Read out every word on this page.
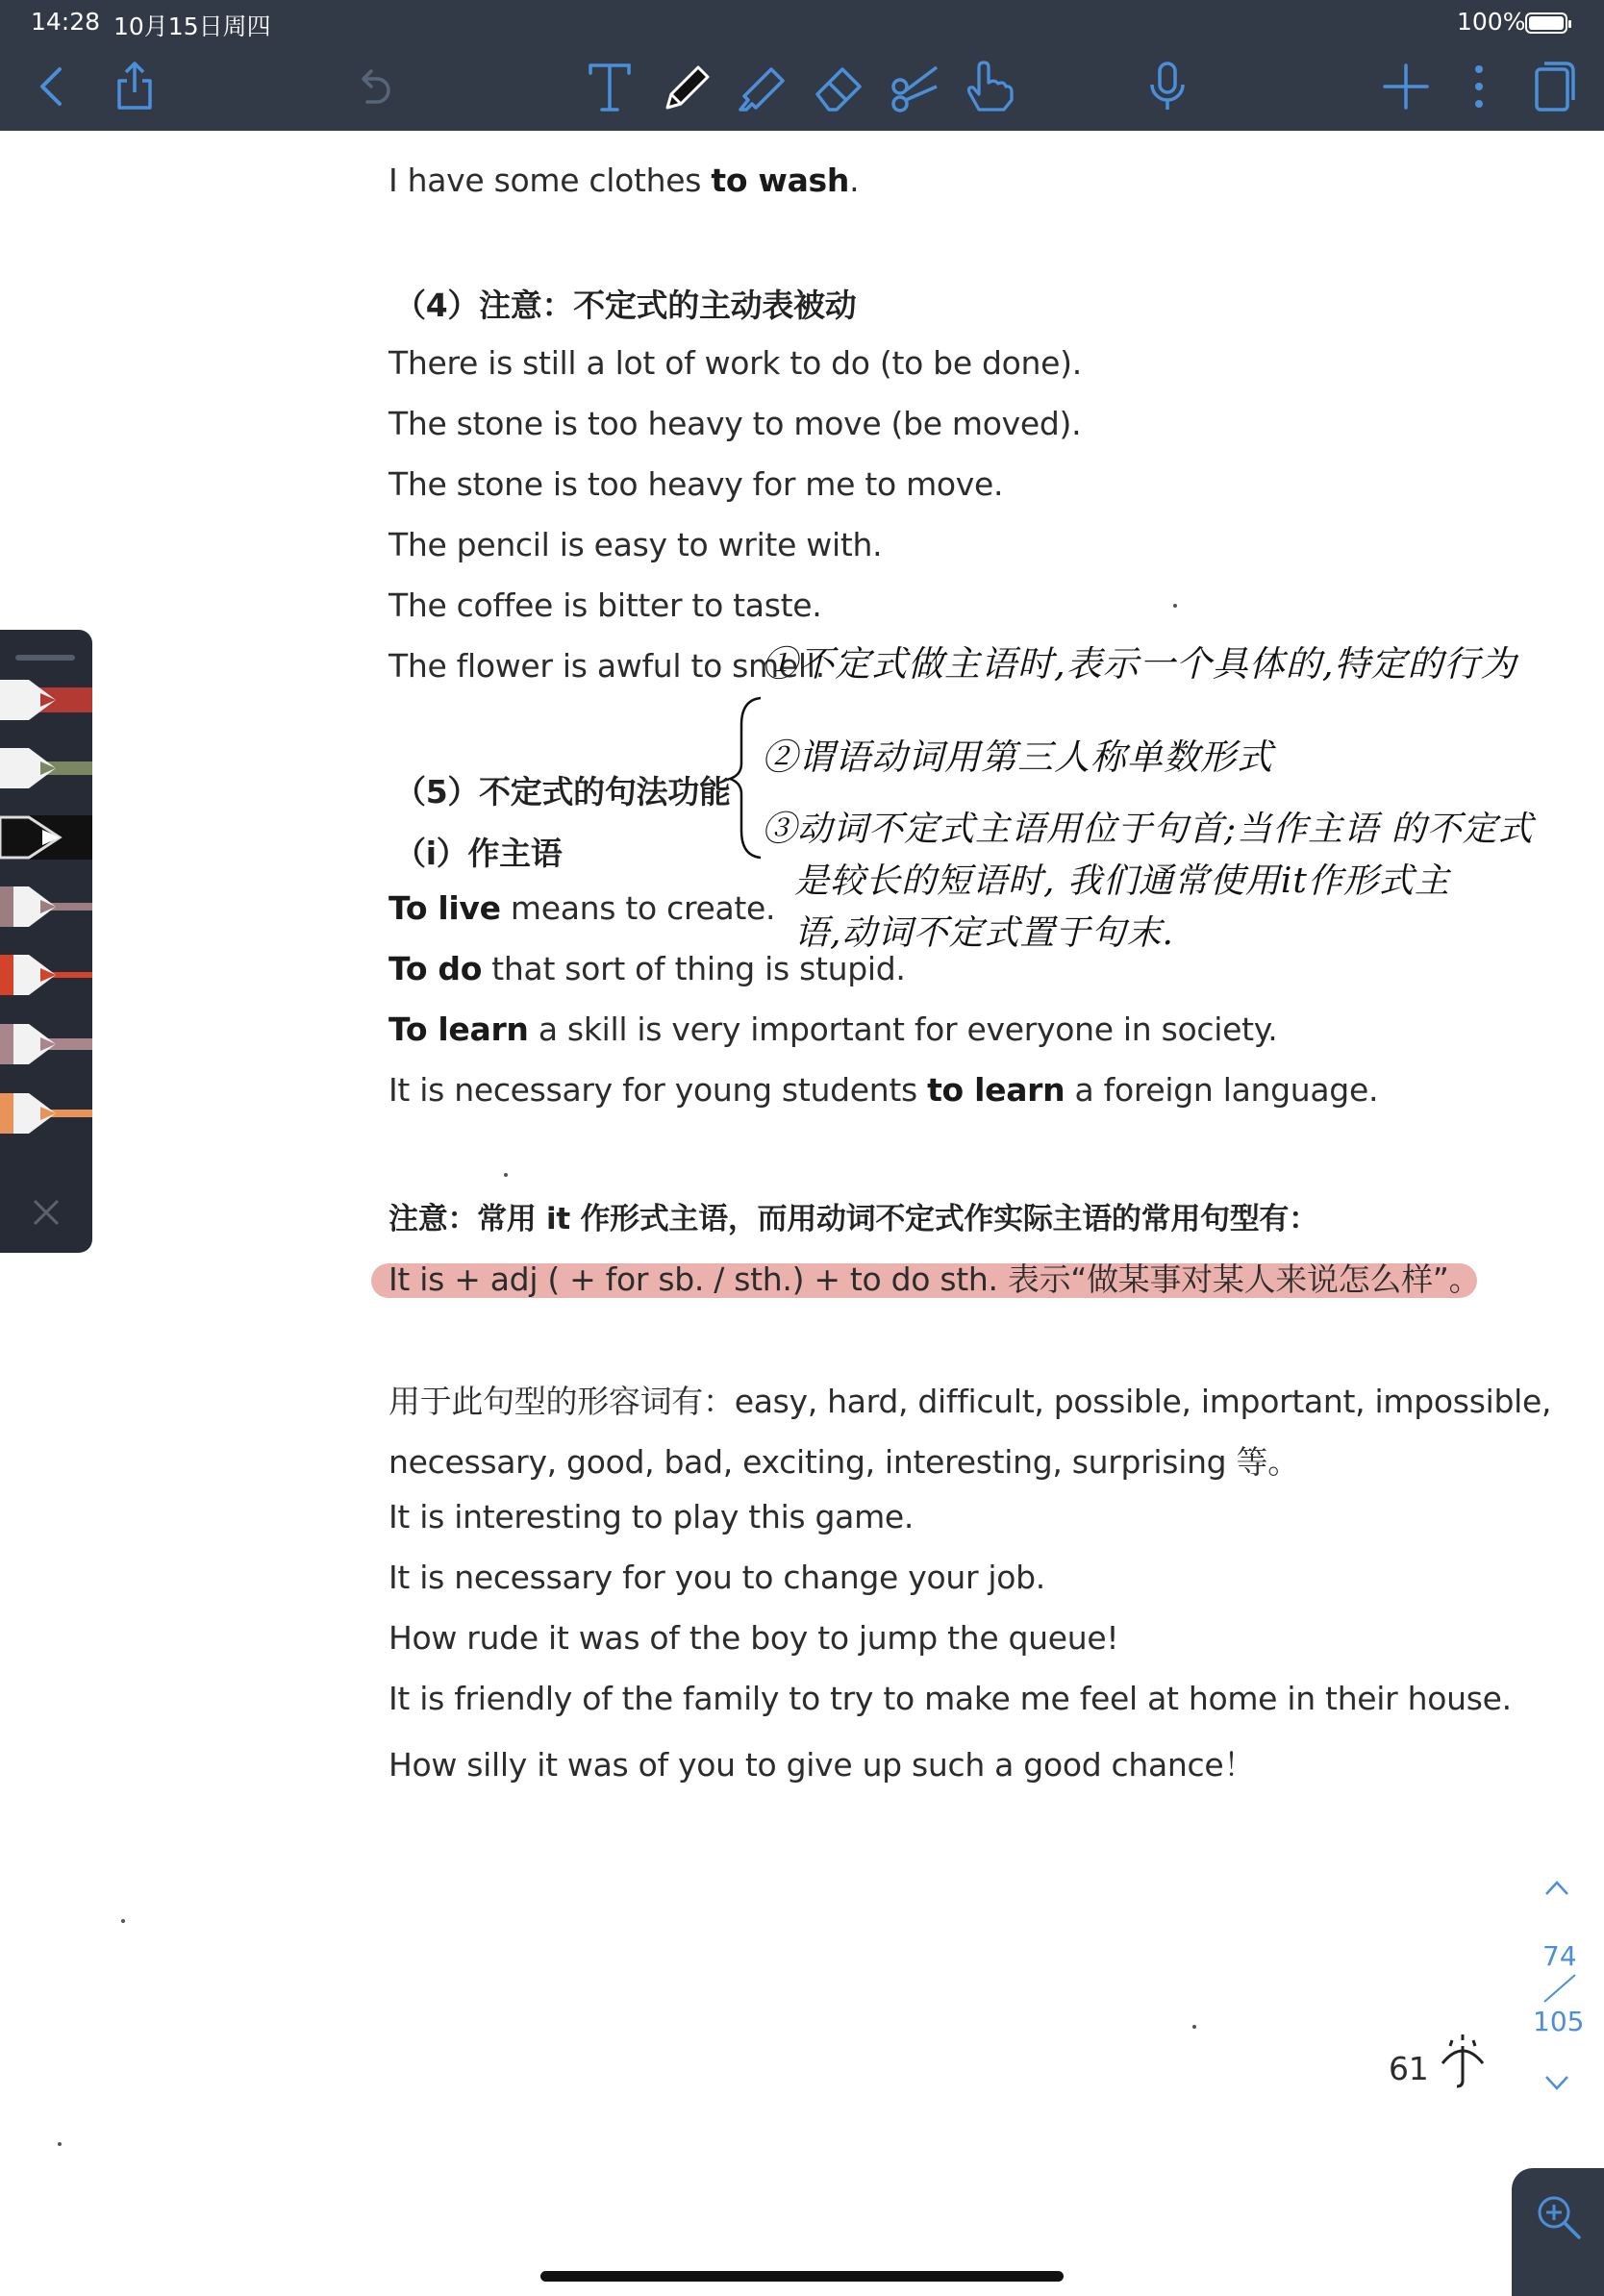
14:28 10月15日周四	100%
I have some clothes to wash.
（4）注意：不定式的主动表被动
There is still a lot of work to do (to be done).
The stone is too heavy to move (be moved).
The stone is too heavy for me to move.
The pencil is easy to write with.
The coffee is bitter to taste.
The flower is awful to smell.
（5）不定式的句法功能
（i）作主语
To live means to create.
To do that sort of thing is stupid.
To learn a skill is very important for everyone in society.
It is necessary for young students to learn a foreign language.
注意：常用 it 作形式主语，而用动词不定式作实际主语的常用句型有：
It is + adj ( + for sb. / sth.) + to do sth. 表示“做某事对某人来说怎么样”。
用于此句型的形容词有：easy, hard, difficult, possible, important, impossible,
necessary, good, bad, exciting, interesting, surprising 等。
It is interesting to play this game.
It is necessary for you to change your job.
How rude it was of the boy to jump the queue!
It is friendly of the family to try to make me feel at home in their house.
How silly it was of you to give up such a good chance！
61
①不定式做主语时,表示一个具体的,特定的行为
②谓语动词用第三人称单数形式
③动词不定式主语用位于句首;当作主语 的不定式
是较长的短语时, 我们通常使用it作形式主
语,动词不定式置于句末.
74
105
